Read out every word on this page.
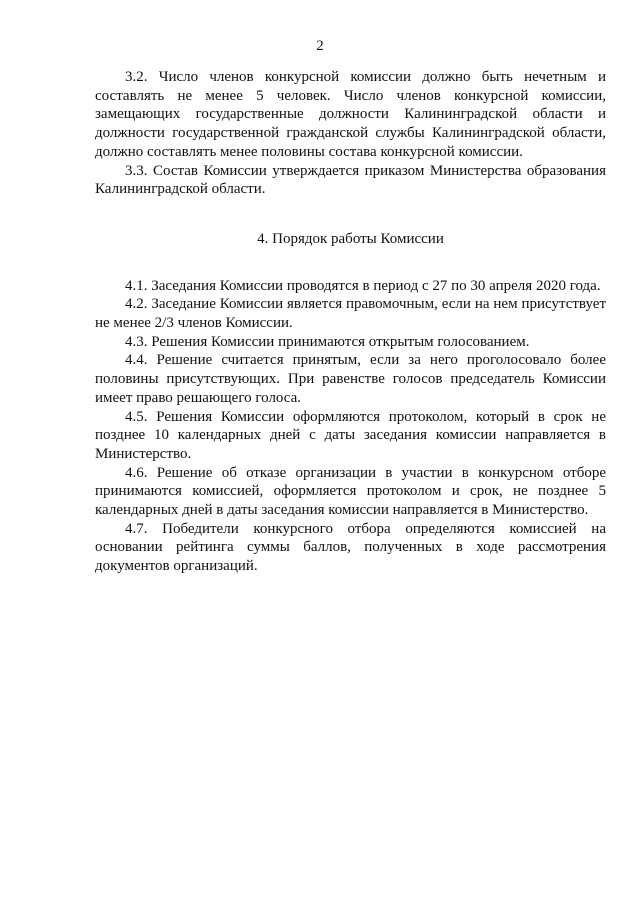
2

3.2. Число членов конкурсной комиссии должно быть нечетным и составлять не менее 5 человек. Число членов конкурсной комиссии, замещающих государственные должности Калининградской области и должности государственной гражданской службы Калининградской области, должно составлять менее половины состава конкурсной комиссии.

3.3. Состав Комиссии утверждается приказом Министерства образования Калининградской области.

4. Порядок работы Комиссии

4.1. Заседания Комиссии проводятся в период с 27 по 30 апреля 2020 года.

4.2. Заседание Комиссии является правомочным, если на нем присутствует не менее 2/3 членов Комиссии.

4.3. Решения Комиссии принимаются открытым голосованием.

4.4. Решение считается принятым, если за него проголосовало более половины присутствующих. При равенстве голосов председатель Комиссии имеет право решающего голоса.

4.5. Решения Комиссии оформляются протоколом, который в срок не позднее 10 календарных дней с даты заседания комиссии направляется в Министерство.

4.6. Решение об отказе организации в участии в конкурсном отборе принимаются комиссией, оформляется протоколом и срок, не позднее 5 календарных дней в даты заседания комиссии направляется в Министерство.

4.7. Победители конкурсного отбора определяются комиссией на основании рейтинга суммы баллов, полученных в ходе рассмотрения документов организаций.
